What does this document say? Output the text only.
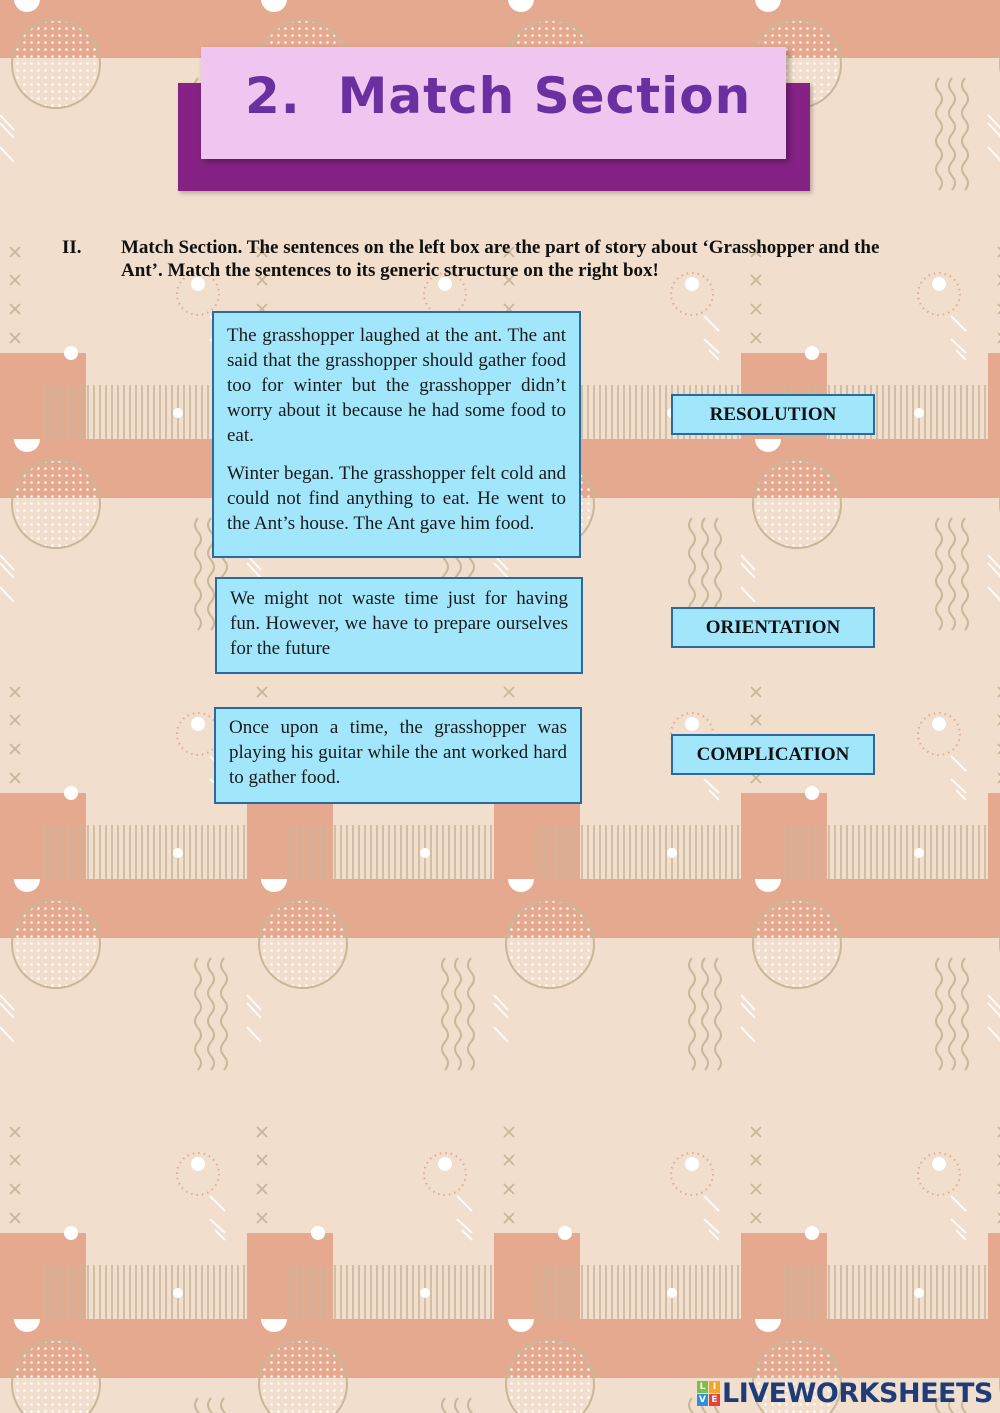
2.  Match Section
II. Match Section. The sentences on the left box are the part of story about ‘Grasshopper and the Ant’. Match the sentences to its generic structure on the right box!

The grasshopper laughed at the ant. The ant said that the grasshopper should gather food too for winter but the grasshopper didn’t worry about it because he had some food to eat.

Winter began. The grasshopper felt cold and could not find anything to eat. He went to the Ant’s house. The Ant gave him food.

We might not waste time just for having fun. However, we have to prepare ourselves for the future

Once upon a time, the grasshopper was playing his guitar while the ant worked hard to gather food.

RESOLUTION
ORIENTATION
COMPLICATION
L I
V E LIVEWORKSHEETS
